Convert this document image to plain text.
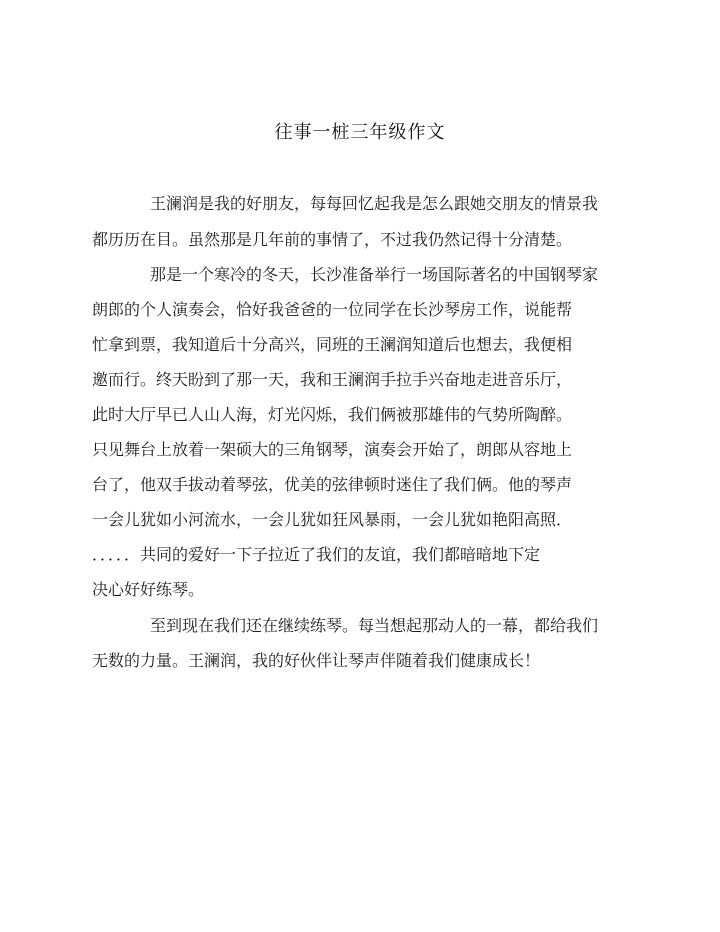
往事一桩三年级作文
王澜润是我的好朋友，每每回忆起我是怎么跟她交朋友的情景我
都历历在目。虽然那是几年前的事情了，不过我仍然记得十分清楚。
那是一个寒冷的冬天，长沙准备举行一场国际著名的中国钢琴家
朗郎的个人演奏会，恰好我爸爸的一位同学在长沙琴房工作，说能帮
忙拿到票，我知道后十分高兴，同班的王澜润知道后也想去，我便相
邀而行。终天盼到了那一天，我和王澜润手拉手兴奋地走进音乐厅，
此时大厅早已人山人海，灯光闪烁，我们俩被那雄伟的气势所陶醉。
只见舞台上放着一架硕大的三角钢琴，演奏会开始了，朗郎从容地上
台了，他双手拔动着琴弦，优美的弦律顿时迷住了我们俩。他的琴声
一会儿犹如小河流水，一会儿犹如狂风暴雨，一会儿犹如艳阳高照．
．．．．．共同的爱好一下子拉近了我们的友谊，我们都暗暗地下定
决心好好练琴。
至到现在我们还在继续练琴。每当想起那动人的一幕，都给我们
无数的力量。王澜润，我的好伙伴让琴声伴随着我们健康成长！
